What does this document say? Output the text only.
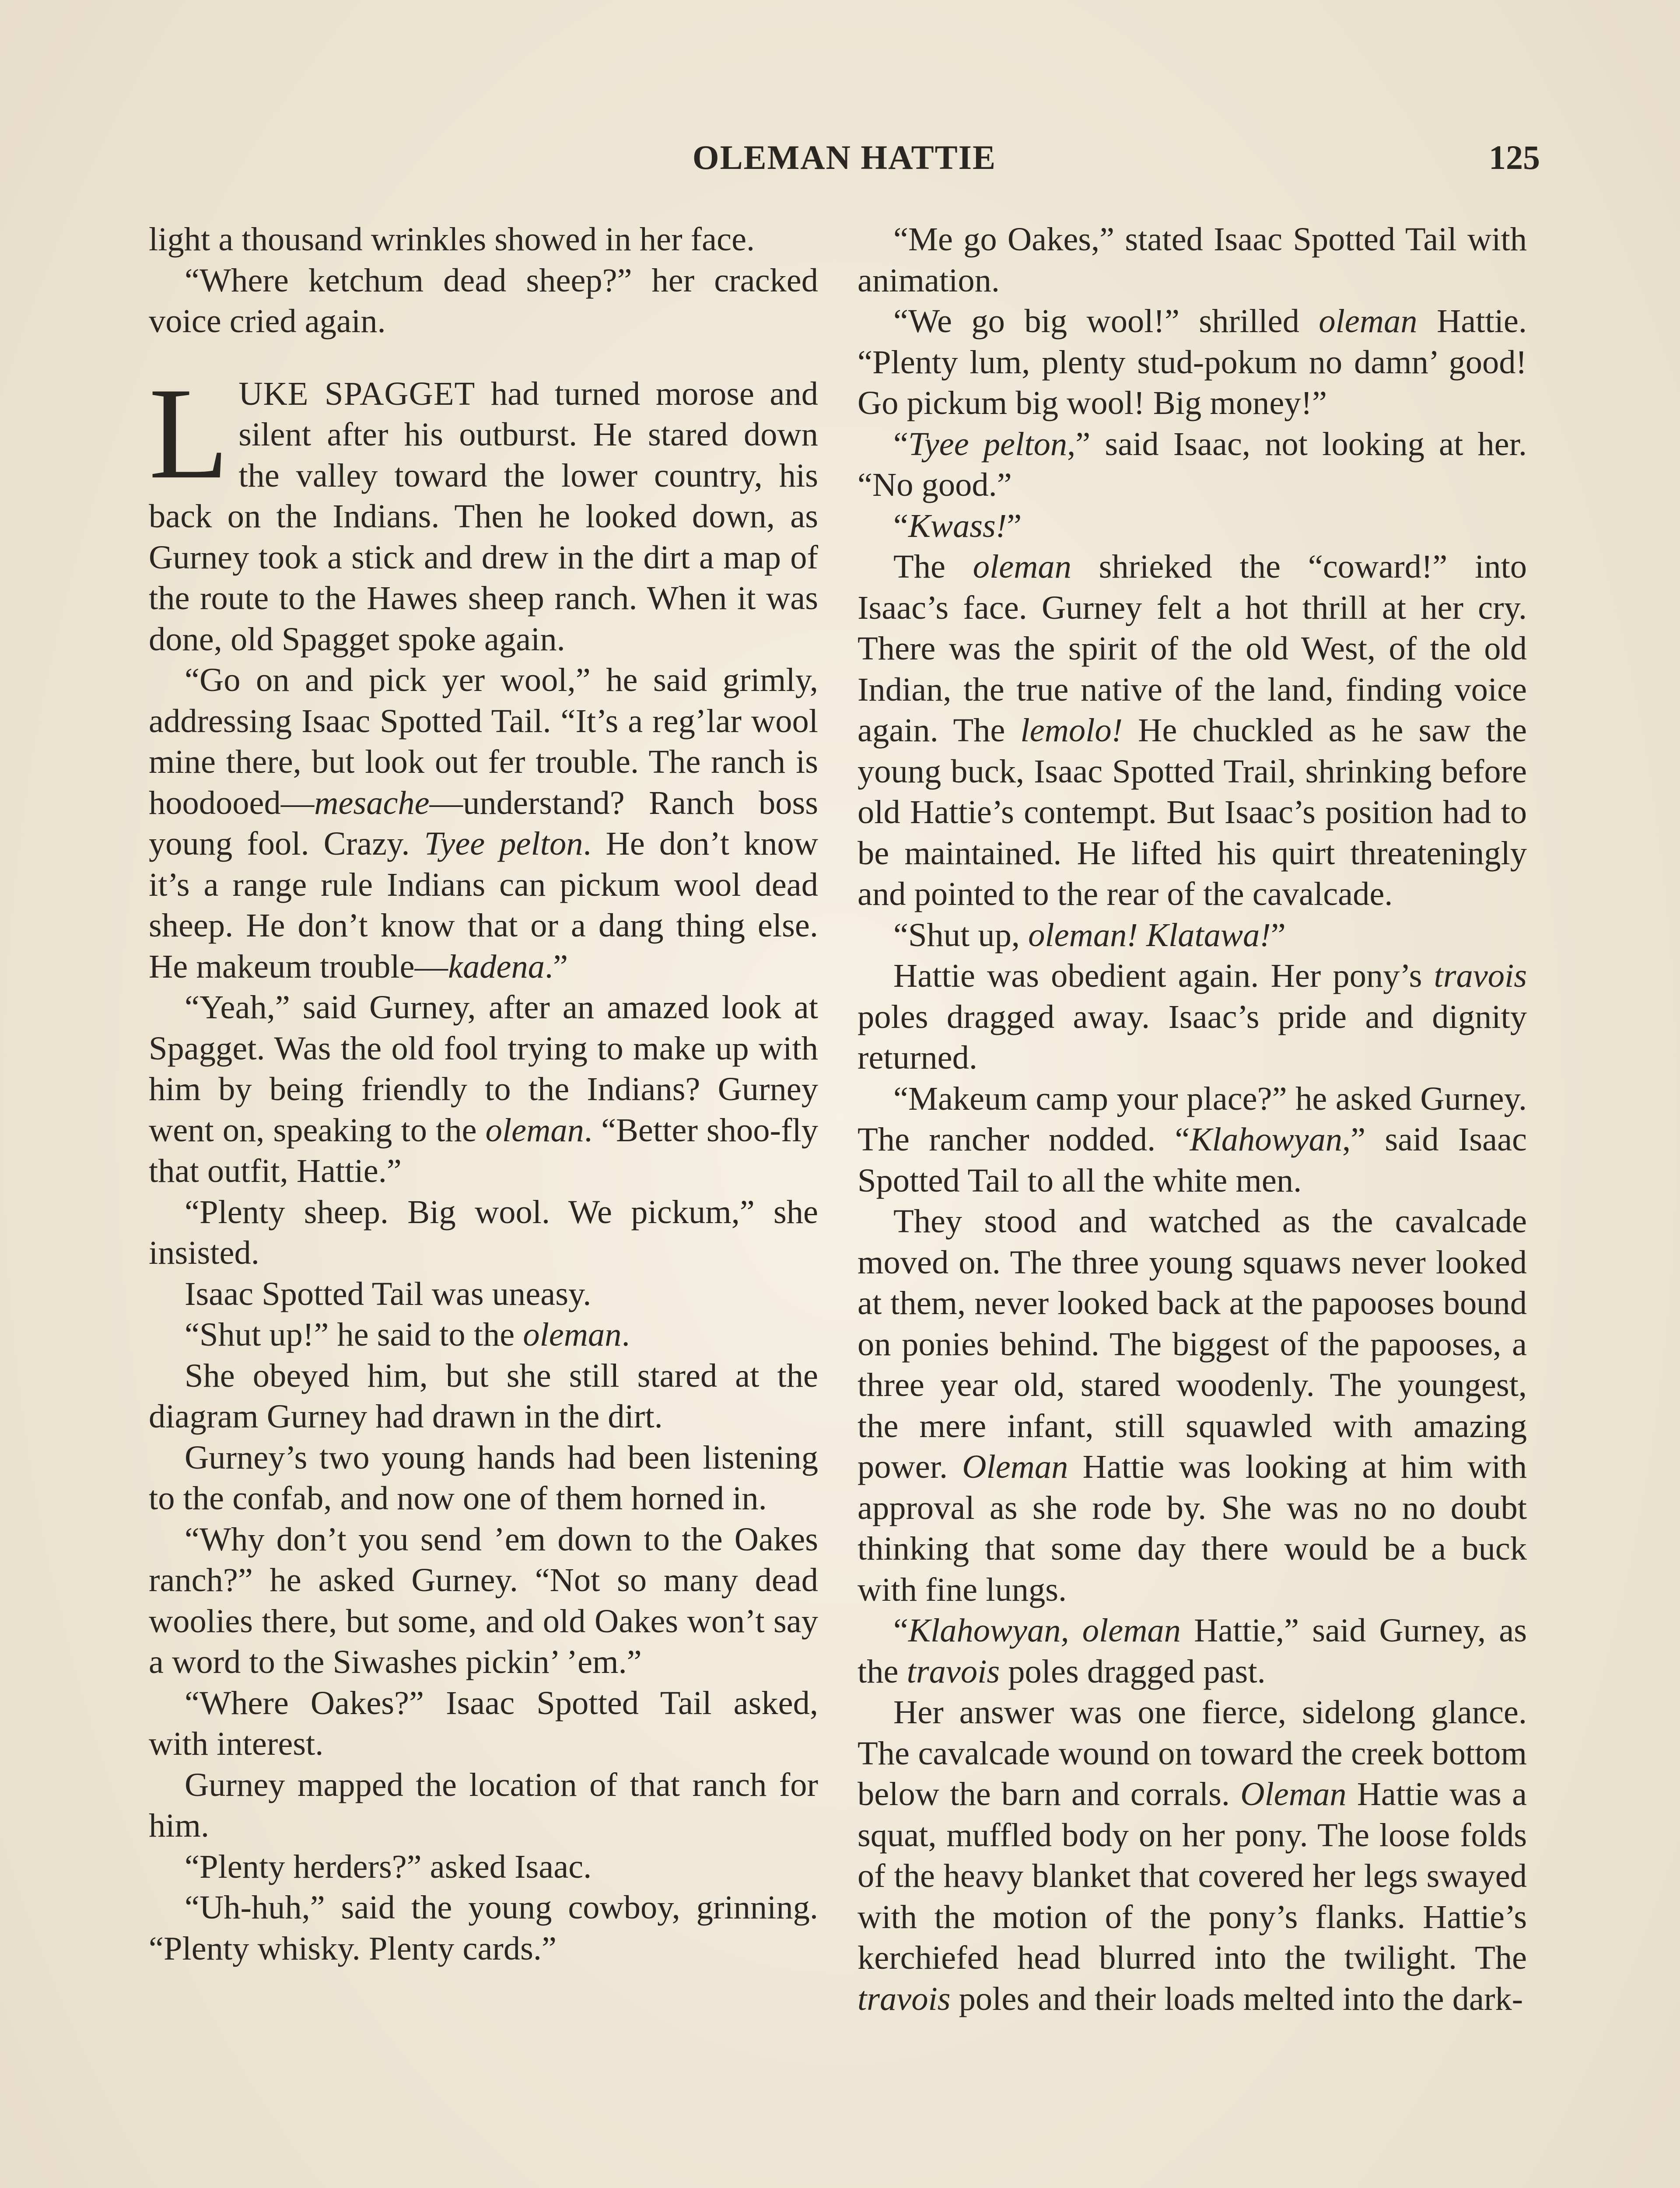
OLEMAN HATTIE	125

light a thousand wrinkles showed in her face.

“Where ketchum dead sheep?” her cracked voice cried again.

LUKE SPAGGET had turned morose and silent after his outburst. He stared down the valley toward the lower country, his back on the Indians. Then he looked down, as Gurney took a stick and drew in the dirt a map of the route to the Hawes sheep ranch. When it was done, old Spagget spoke again.

“Go on and pick yer wool,” he said grimly, addressing Isaac Spotted Tail. “It’s a reg’lar wool mine there, but look out fer trouble. The ranch is hoodooed—mesache—understand? Ranch boss young fool. Crazy. Tyee pelton. He don’t know it’s a range rule Indians can pickum wool dead sheep. He don’t know that or a dang thing else. He makeum trouble—kadena.”

“Yeah,” said Gurney, after an amazed look at Spagget. Was the old fool trying to make up with him by being friendly to the Indians? Gurney went on, speaking to the oleman. “Better shoo-fly that outfit, Hattie.”

“Plenty sheep. Big wool. We pickum,” she insisted.

Isaac Spotted Tail was uneasy.

“Shut up!” he said to the oleman.

She obeyed him, but she still stared at the diagram Gurney had drawn in the dirt.

Gurney’s two young hands had been listening to the confab, and now one of them horned in.

“Why don’t you send ’em down to the Oakes ranch?” he asked Gurney. “Not so many dead woolies there, but some, and old Oakes won’t say a word to the Siwashes pickin’ ’em.”

“Where Oakes?” Isaac Spotted Tail asked, with interest.

Gurney mapped the location of that ranch for him.

“Plenty herders?” asked Isaac.

“Uh-huh,” said the young cowboy, grinning. “Plenty whisky. Plenty cards.”

“Me go Oakes,” stated Isaac Spotted Tail with animation.

“We go big wool!” shrilled oleman Hattie. “Plenty lum, plenty stud-pokum no damn’ good! Go pickum big wool! Big money!”

“Tyee pelton,” said Isaac, not looking at her. “No good.”

“Kwass!”

The oleman shrieked the “coward!” into Isaac’s face. Gurney felt a hot thrill at her cry. There was the spirit of the old West, of the old Indian, the true native of the land, finding voice again. The lemolo! He chuckled as he saw the young buck, Isaac Spotted Trail, shrinking before old Hattie’s contempt. But Isaac’s position had to be maintained. He lifted his quirt threateningly and pointed to the rear of the cavalcade.

“Shut up, oleman! Klatawa!”

Hattie was obedient again. Her pony’s travois poles dragged away. Isaac’s pride and dignity returned.

“Makeum camp your place?” he asked Gurney. The rancher nodded. “Klahowyan,” said Isaac Spotted Tail to all the white men.

They stood and watched as the cavalcade moved on. The three young squaws never looked at them, never looked back at the papooses bound on ponies behind. The biggest of the papooses, a three year old, stared woodenly. The youngest, the mere infant, still squawled with amazing power. Oleman Hattie was looking at him with approval as she rode by. She was no no doubt thinking that some day there would be a buck with fine lungs.

“Klahowyan, oleman Hattie,” said Gurney, as the travois poles dragged past.

Her answer was one fierce, sidelong glance. The cavalcade wound on toward the creek bottom below the barn and corrals. Oleman Hattie was a squat, muffled body on her pony. The loose folds of the heavy blanket that covered her legs swayed with the motion of the pony’s flanks. Hattie’s kerchiefed head blurred into the twilight. The travois poles and their loads melted into the dark-
